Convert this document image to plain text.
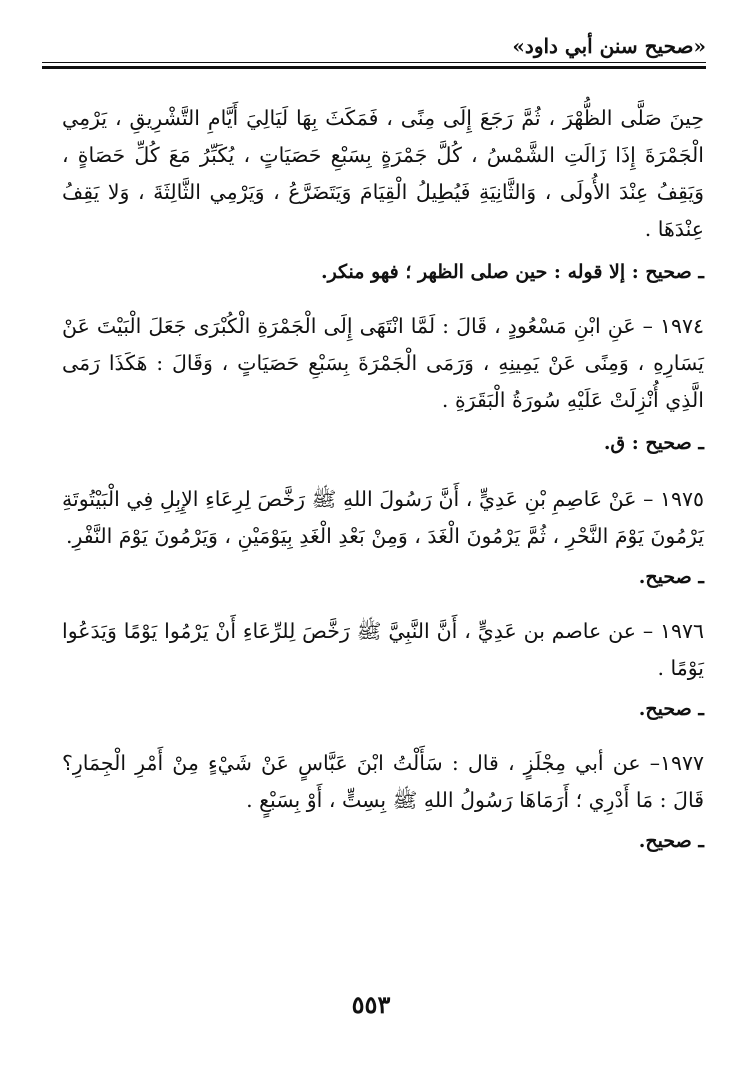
«صحيح سنن أبي داود»

حِينَ صَلَّى الظُّهْرَ ، ثُمَّ رَجَعَ إِلَى مِنًى ، فَمَكَثَ بِهَا لَيَالِيَ أَيَّامِ التَّشْرِيقِ ، يَرْمِي الْجَمْرَةَ إِذَا زَالَتِ الشَّمْسُ ، كُلَّ جَمْرَةٍ بِسَبْعِ حَصَيَاتٍ ، يُكَبِّرُ مَعَ كُلِّ حَصَاةٍ ، وَيَقِفُ عِنْدَ الأُولَى ، وَالثَّانِيَةِ فَيُطِيلُ الْقِيَامَ وَيَتَضَرَّعُ ، وَيَرْمِي الثَّالِثَةَ ، وَلا يَقِفُ عِنْدَهَا .

ـ صحيح : إلا قوله : حين صلى الظهر ؛ فهو منكر.

١٩٧٤ – عَنِ ابْنِ مَسْعُودٍ ، قَالَ : لَمَّا انْتَهَى إِلَى الْجَمْرَةِ الْكُبْرَى جَعَلَ الْبَيْتَ عَنْ يَسَارِهِ ، وَمِنًى عَنْ يَمِينِهِ ، وَرَمَى الْجَمْرَةَ بِسَبْعِ حَصَيَاتٍ ، وَقَالَ : هَكَذَا رَمَى الَّذِي أُنْزِلَتْ عَلَيْهِ سُورَةُ الْبَقَرَةِ .

ـ صحيح : ق.

١٩٧٥ – عَنْ عَاصِمِ بْنِ عَدِيٍّ ، أَنَّ رَسُولَ اللهِ ﷺ رَخَّصَ لِرِعَاءِ الإِبِلِ فِي الْبَيْتُوتَةِ يَرْمُونَ يَوْمَ النَّحْرِ ، ثُمَّ يَرْمُونَ الْغَدَ ، وَمِنْ بَعْدِ الْغَدِ بِيَوْمَيْنِ ، وَيَرْمُونَ يَوْمَ النَّفْرِ.

ـ صحيح.

١٩٧٦ – عن عاصم بن عَدِيٍّ ، أَنَّ النَّبِيَّ ﷺ رَخَّصَ لِلرِّعَاءِ أَنْ يَرْمُوا يَوْمًا وَيَدَعُوا يَوْمًا .

ـ صحيح.

١٩٧٧– عن أبي مِجْلَزٍ ، قال : سَأَلْتُ ابْنَ عَبَّاسٍ عَنْ شَيْءٍ مِنْ أَمْرِ الْجِمَارِ؟ قَالَ : مَا أَدْرِي ؛ أَرَمَاهَا رَسُولُ اللهِ ﷺ بِسِتٍّ ، أَوْ بِسَبْعٍ .

ـ صحيح.

٥٥٣
